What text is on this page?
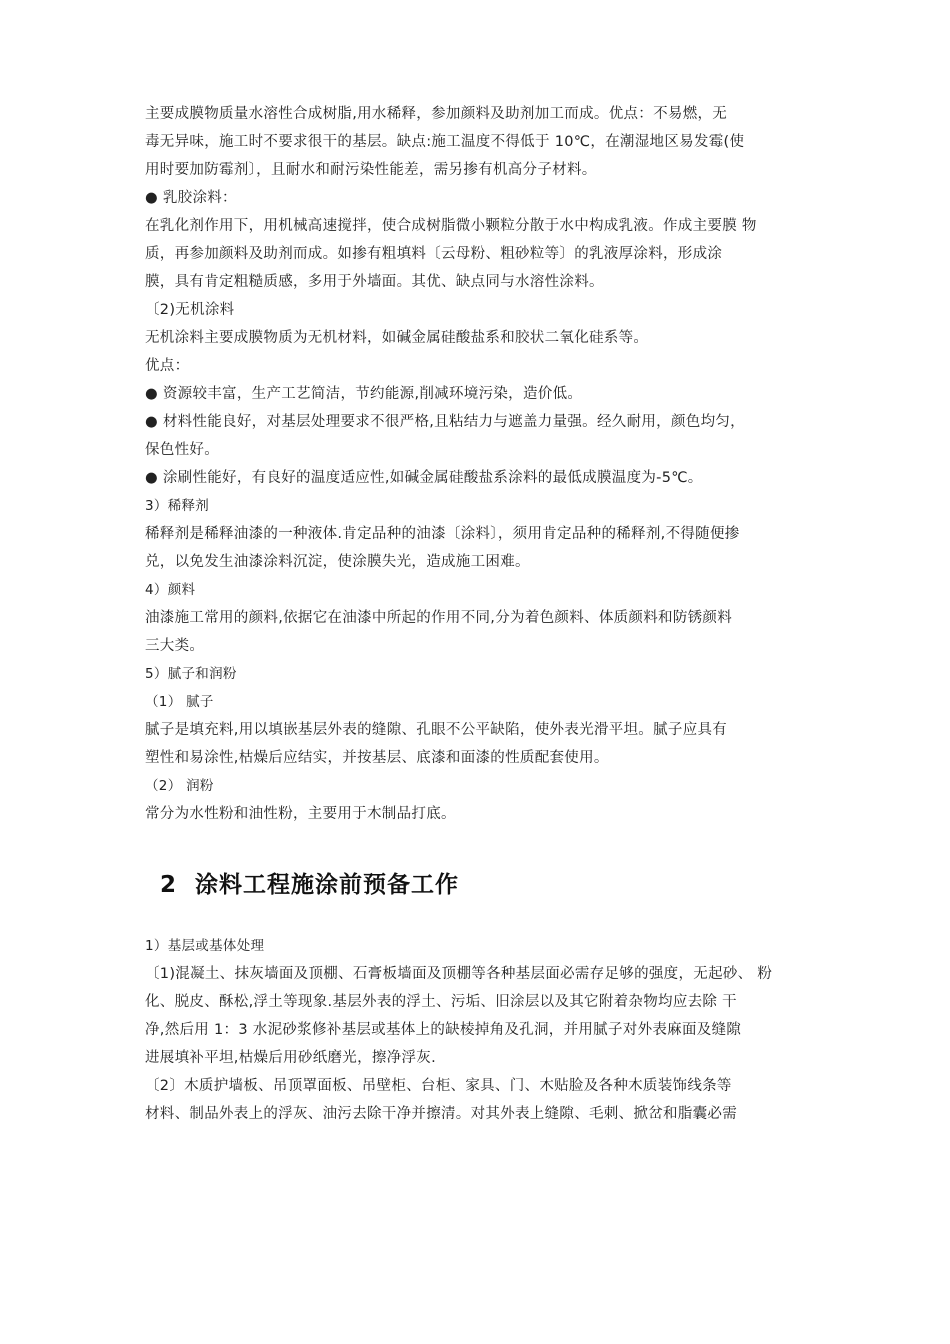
主要成膜物质量水溶性合成树脂,用水稀释，参加颜料及助剂加工而成。优点：不易燃，无
毒无异味，施工时不要求很干的基层。缺点:施工温度不得低于 10℃，在潮湿地区易发霉(使
用时要加防霉剂〕，且耐水和耐污染性能差，需另掺有机高分子材料。
● 乳胶涂料：
在乳化剂作用下，用机械高速搅拌，使合成树脂微小颗粒分散于水中构成乳液。作成主要膜 物
质，再参加颜料及助剂而成。如掺有粗填料〔云母粉、粗砂粒等〕的乳液厚涂料，形成涂
膜，具有肯定粗糙质感，多用于外墙面。其优、缺点同与水溶性涂料。
〔2)无机涂料
无机涂料主要成膜物质为无机材料，如碱金属硅酸盐系和胶状二氧化硅系等。
优点：
● 资源较丰富，生产工艺简洁，节约能源,削减环境污染，造价低。
● 材料性能良好，对基层处理要求不很严格,且粘结力与遮盖力量强。经久耐用，颜色均匀，
保色性好。
● 涂刷性能好，有良好的温度适应性,如碱金属硅酸盐系涂料的最低成膜温度为-5℃。
3）稀释剂
稀释剂是稀释油漆的一种液体.肯定品种的油漆〔涂料〕，须用肯定品种的稀释剂,不得随便掺
兑，以免发生油漆涂料沉淀，使涂膜失光，造成施工困难。
4）颜料
油漆施工常用的颜料,依据它在油漆中所起的作用不同,分为着色颜料、体质颜料和防锈颜料
三大类。
5）腻子和润粉
（1） 腻子
腻子是填充料,用以填嵌基层外表的缝隙、孔眼不公平缺陷，使外表光滑平坦。腻子应具有
塑性和易涂性,枯燥后应结实，并按基层、底漆和面漆的性质配套使用。
（2） 润粉
常分为水性粉和油性粉，主要用于木制品打底。
2 涂料工程施涂前预备工作
1）基层或基体处理
〔1)混凝土、抹灰墙面及顶棚、石膏板墙面及顶棚等各种基层面必需存足够的强度，无起砂、 粉
化、脱皮、酥松,浮土等现象.基层外表的浮土、污垢、旧涂层以及其它附着杂物均应去除 干
净,然后用 1：3 水泥砂浆修补基层或基体上的缺棱掉角及孔洞，并用腻子对外表麻面及缝隙
进展填补平坦,枯燥后用砂纸磨光，擦净浮灰.
〔2〕木质护墙板、吊顶罩面板、吊壁柜、台柜、家具、门、木贴脸及各种木质装饰线条等
材料、制品外表上的浮灰、油污去除干净并擦清。对其外表上缝隙、毛刺、掀岔和脂囊必需
